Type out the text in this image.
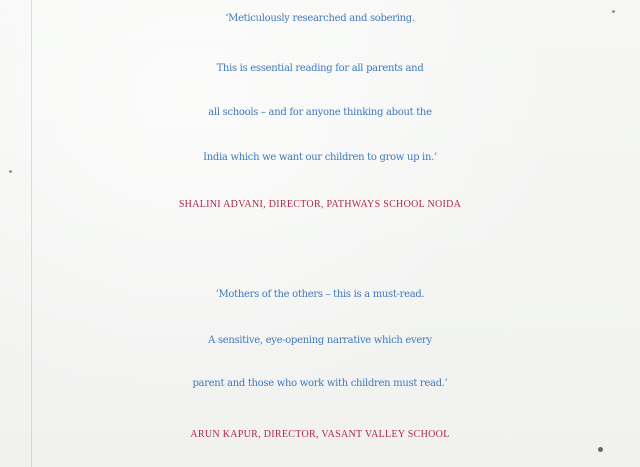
‘Meticulously researched and sobering.
This is essential reading for all parents and
all schools – and for anyone thinking about the
India which we want our children to grow up in.’
SHALINI ADVANI, DIRECTOR, PATHWAYS SCHOOL NOIDA
‘Mothers of the others – this is a must-read.
A sensitive, eye-opening narrative which every
parent and those who work with children must read.’
ARUN KAPUR, DIRECTOR, VASANT VALLEY SCHOOL
